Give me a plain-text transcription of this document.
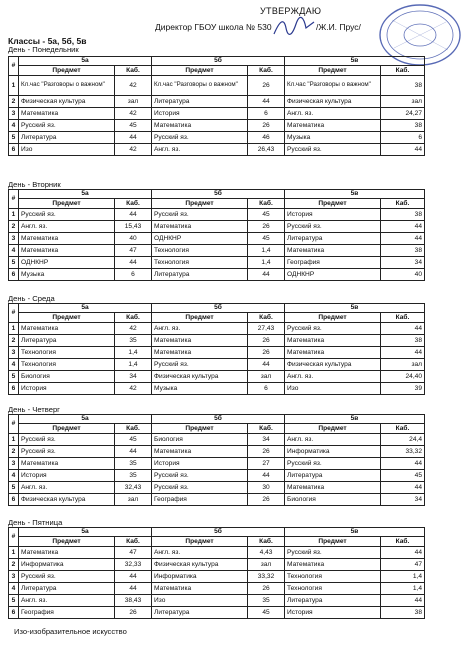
УТВЕРЖДАЮ
Директор ГБОУ школа № 530	/Ж.И. Прус/
Классы - 5а, 5б, 5в
День - Понедельник
#	5а		5б		5в	
	Предмет	Каб.	Предмет	Каб.	Предмет	Каб.
1	Кл.час "Разговоры о важном"	42	Кл.час "Разговоры о важном"	26	Кл.час "Разговоры о важном"	38
2	Физическая культура	зал	Литература	44	Физическая культура	зал
3	Математика	42	История	6	Англ. яз.	24,27
4	Русский яз.	45	Математика	26	Математика	38
5	Литература	44	Русский яз.	46	Музыка	6
6	Изо	42	Англ. яз.	26,43	Русский яз.	44
День - Вторник
#	5а		5б		5в	
	Предмет	Каб.	Предмет	Каб.	Предмет	Каб.
1	Русский яз.	44	Русский яз.	45	История	38
2	Англ. яз.	15,43	Математика	26	Русский яз.	44
3	Математика	40	ОДНКНР	45	Литература	44
4	Математика	47	Технология	1,4	Математика	38
5	ОДНКНР	44	Технология	1,4	География	34
6	Музыка	6	Литература	44	ОДНКНР	40
День - Среда
#	5а		5б		5в	
	Предмет	Каб.	Предмет	Каб.	Предмет	Каб.
1	Математика	42	Англ. яз.	27,43	Русский яз.	44
2	Литература	35	Математика	26	Математика	38
3	Технология	1,4	Математика	26	Математика	44
4	Технология	1,4	Русский яз.	44	Физическая культура	зал
5	Биология	34	Физическая культура	зал	Англ. яз.	24,40
6	История	42	Музыка	6	Изо	39
День - Четверг
#	5а		5б		5в	
	Предмет	Каб.	Предмет	Каб.	Предмет	Каб.
1	Русский яз.	45	Биология	34	Англ. яз.	24,4
2	Русский яз.	44	Математика	26	Информатика	33,32
3	Математика	35	История	27	Русский яз.	44
4	История	35	Русский яз.	44	Литература	45
5	Англ. яз.	32,43	Русский яз.	30	Математика	44
6	Физическая культура	зал	География	26	Биология	34
День - Пятница
#	5а		5б		5в	
	Предмет	Каб.	Предмет	Каб.	Предмет	Каб.
1	Математика	47	Англ. яз.	4,43	Русский яз.	44
2	Информатика	32,33	Физическая культура	зал	Математика	47
3	Русский яз.	44	Информатика	33,32	Технология	1,4
4	Литература	44	Математика	26	Технология	1,4
5	Англ. яз.	38,43	Изо	35	Литература	44
6	География	26	Литература	45	История	38
Изо-изобразительное искусство
